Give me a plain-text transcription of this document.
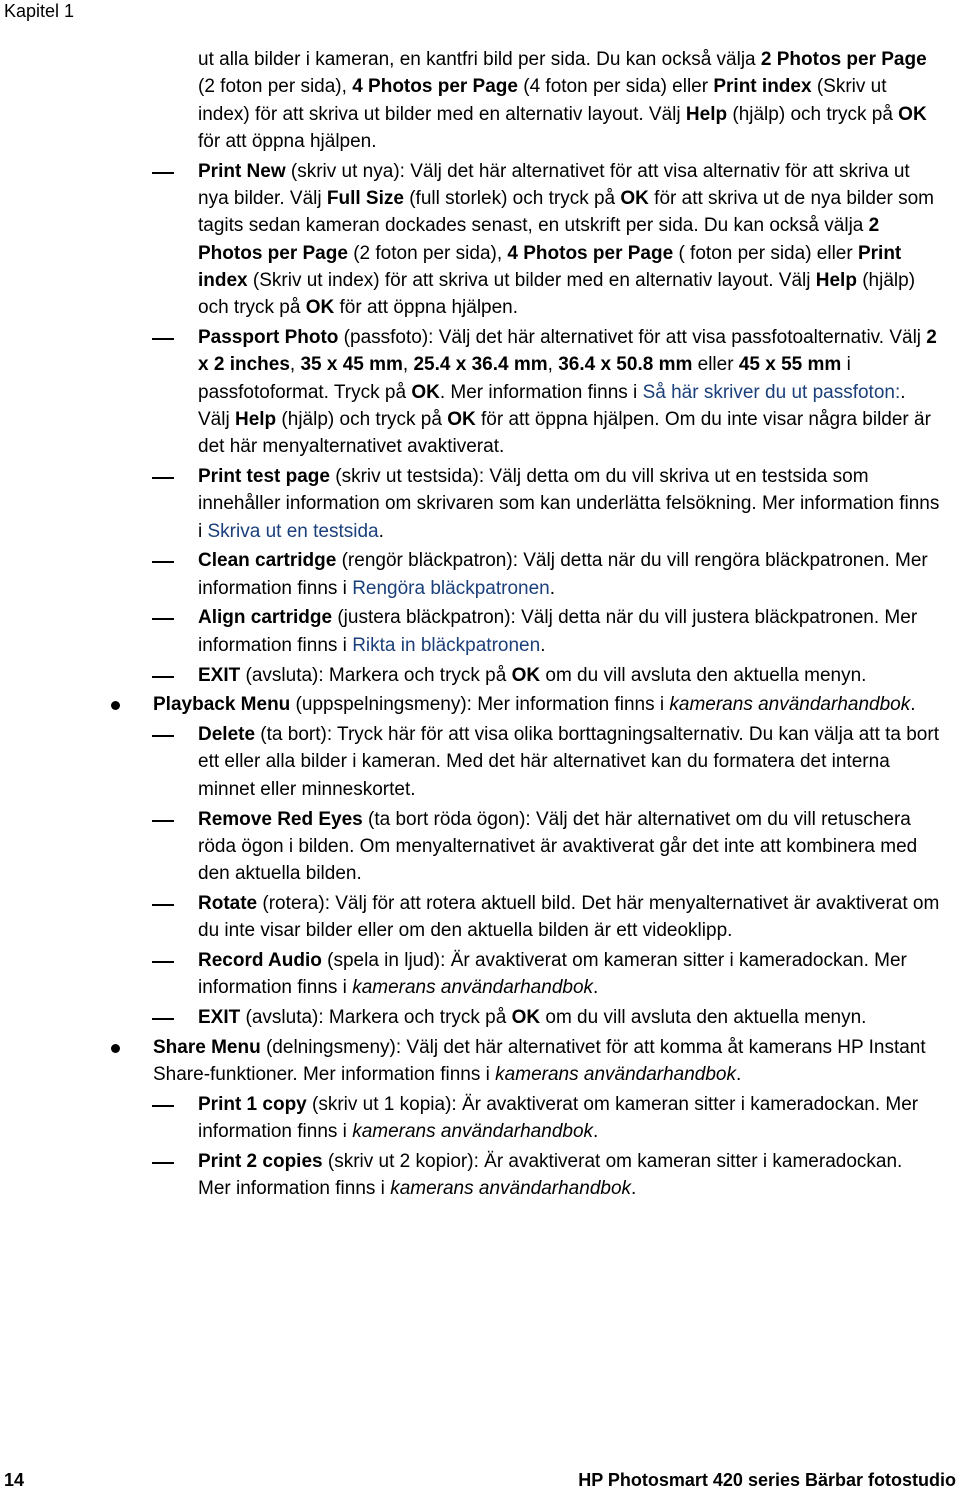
Kapitel 1
ut alla bilder i kameran, en kantfri bild per sida. Du kan också välja 2 Photos per Page (2 foton per sida), 4 Photos per Page (4 foton per sida) eller Print index (Skriv ut index) för att skriva ut bilder med en alternativ layout. Välj Help (hjälp) och tryck på OK för att öppna hjälpen.
Print New (skriv ut nya): Välj det här alternativet för att visa alternativ för att skriva ut nya bilder. Välj Full Size (full storlek) och tryck på OK för att skriva ut de nya bilder som tagits sedan kameran dockades senast, en utskrift per sida. Du kan också välja 2 Photos per Page (2 foton per sida), 4 Photos per Page ( foton per sida) eller Print index (Skriv ut index) för att skriva ut bilder med en alternativ layout. Välj Help (hjälp) och tryck på OK för att öppna hjälpen.
Passport Photo (passfoto): Välj det här alternativet för att visa passfotoalternativ. Välj 2 x 2 inches, 35 x 45 mm, 25.4 x 36.4 mm, 36.4 x 50.8 mm eller 45 x 55 mm i passfotoformat. Tryck på OK. Mer information finns i Så här skriver du ut passfoton:. Välj Help (hjälp) och tryck på OK för att öppna hjälpen. Om du inte visar några bilder är det här menyalternativet avaktiverat.
Print test page (skriv ut testsida): Välj detta om du vill skriva ut en testsida som innehåller information om skrivaren som kan underlätta felsökning. Mer information finns i Skriva ut en testsida.
Clean cartridge (rengör bläckpatron): Välj detta när du vill rengöra bläckpatronen. Mer information finns i Rengöra bläckpatronen.
Align cartridge (justera bläckpatron): Välj detta när du vill justera bläckpatronen. Mer information finns i Rikta in bläckpatronen.
EXIT (avsluta): Markera och tryck på OK om du vill avsluta den aktuella menyn.
Playback Menu (uppspelningsmeny): Mer information finns i kamerans användarhandbok.
Delete (ta bort): Tryck här för att visa olika borttagningsalternativ. Du kan välja att ta bort ett eller alla bilder i kameran. Med det här alternativet kan du formatera det interna minnet eller minneskortet.
Remove Red Eyes (ta bort röda ögon): Välj det här alternativet om du vill retuschera röda ögon i bilden. Om menyalternativet är avaktiverat går det inte att kombinera med den aktuella bilden.
Rotate (rotera): Välj för att rotera aktuell bild. Det här menyalternativet är avaktiverat om du inte visar bilder eller om den aktuella bilden är ett videoklipp.
Record Audio (spela in ljud): Är avaktiverat om kameran sitter i kameradockan. Mer information finns i kamerans användarhandbok.
EXIT (avsluta): Markera och tryck på OK om du vill avsluta den aktuella menyn.
Share Menu (delningsmeny): Välj det här alternativet för att komma åt kamerans HP Instant Share-funktioner. Mer information finns i kamerans användarhandbok.
Print 1 copy (skriv ut 1 kopia): Är avaktiverat om kameran sitter i kameradockan. Mer information finns i kamerans användarhandbok.
Print 2 copies (skriv ut 2 kopior): Är avaktiverat om kameran sitter i kameradockan. Mer information finns i kamerans användarhandbok.
14	HP Photosmart 420 series Bärbar fotostudio
